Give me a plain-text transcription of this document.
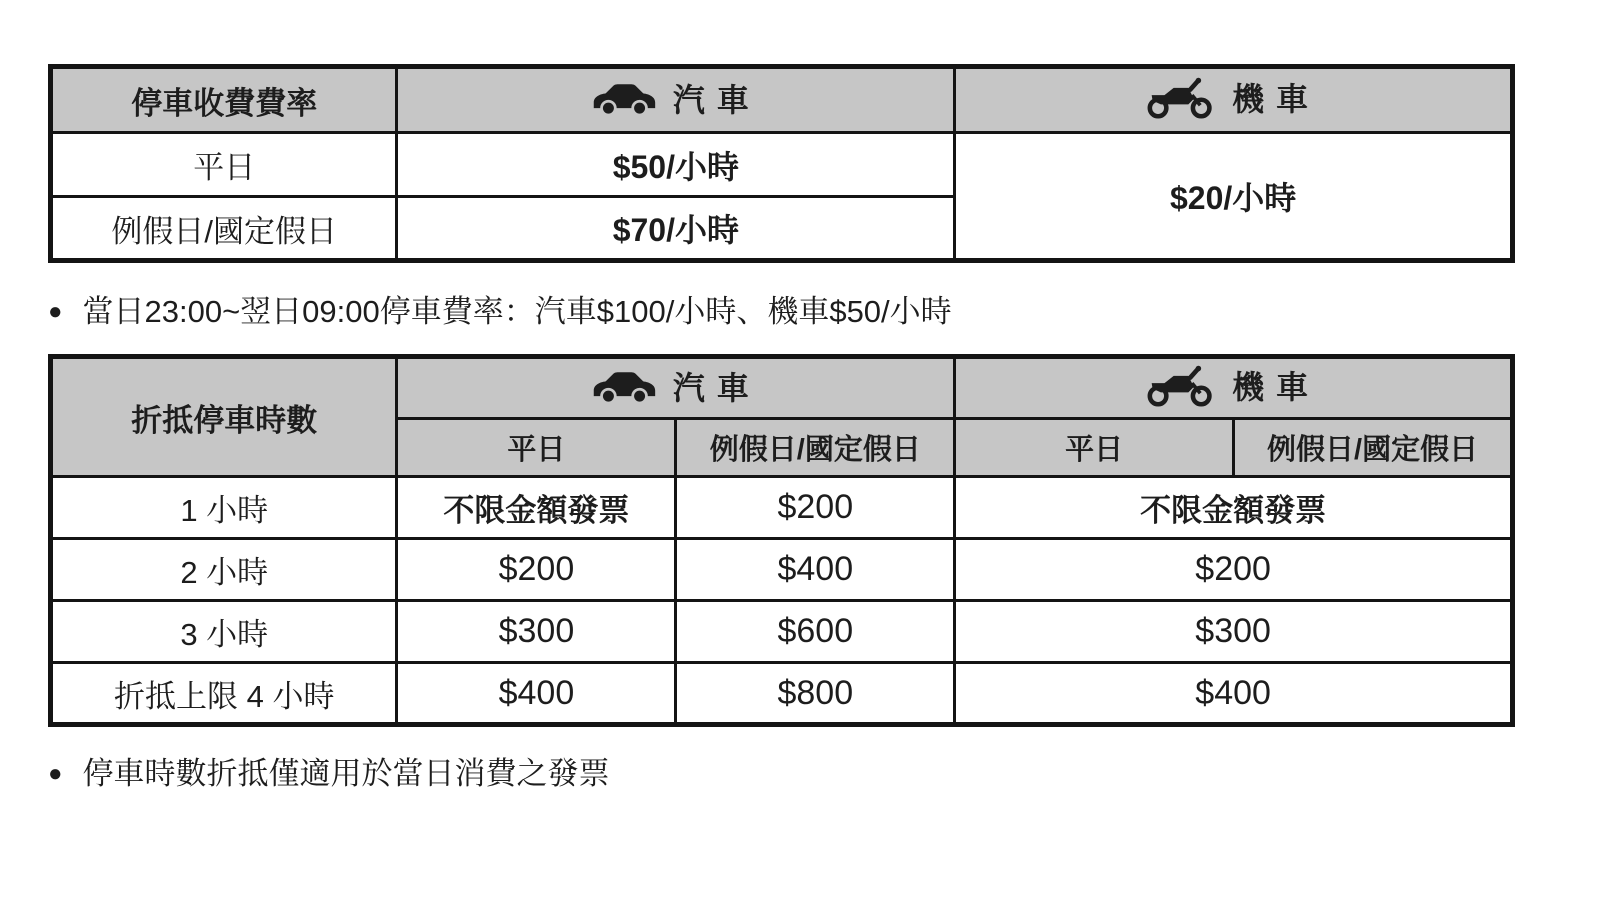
停車收費費率	汽車	機車

平日	$50/小時	$20/小時
例假日/國定假日	$70/小時	
● 當日23:00~翌日09:00停車費率：汽車$100/小時、機車$50/小時
折抵停車時數	汽車		機車	

	平日	例假日/國定假日	平日	例假日/國定假日
1 小時	不限金額發票	$200	不限金額發票	
2 小時	$200	$400	$200	
3 小時	$300	$600	$300	
折抵上限 4 小時	$400	$800	$400	
● 停車時數折抵僅適用於當日消費之發票
